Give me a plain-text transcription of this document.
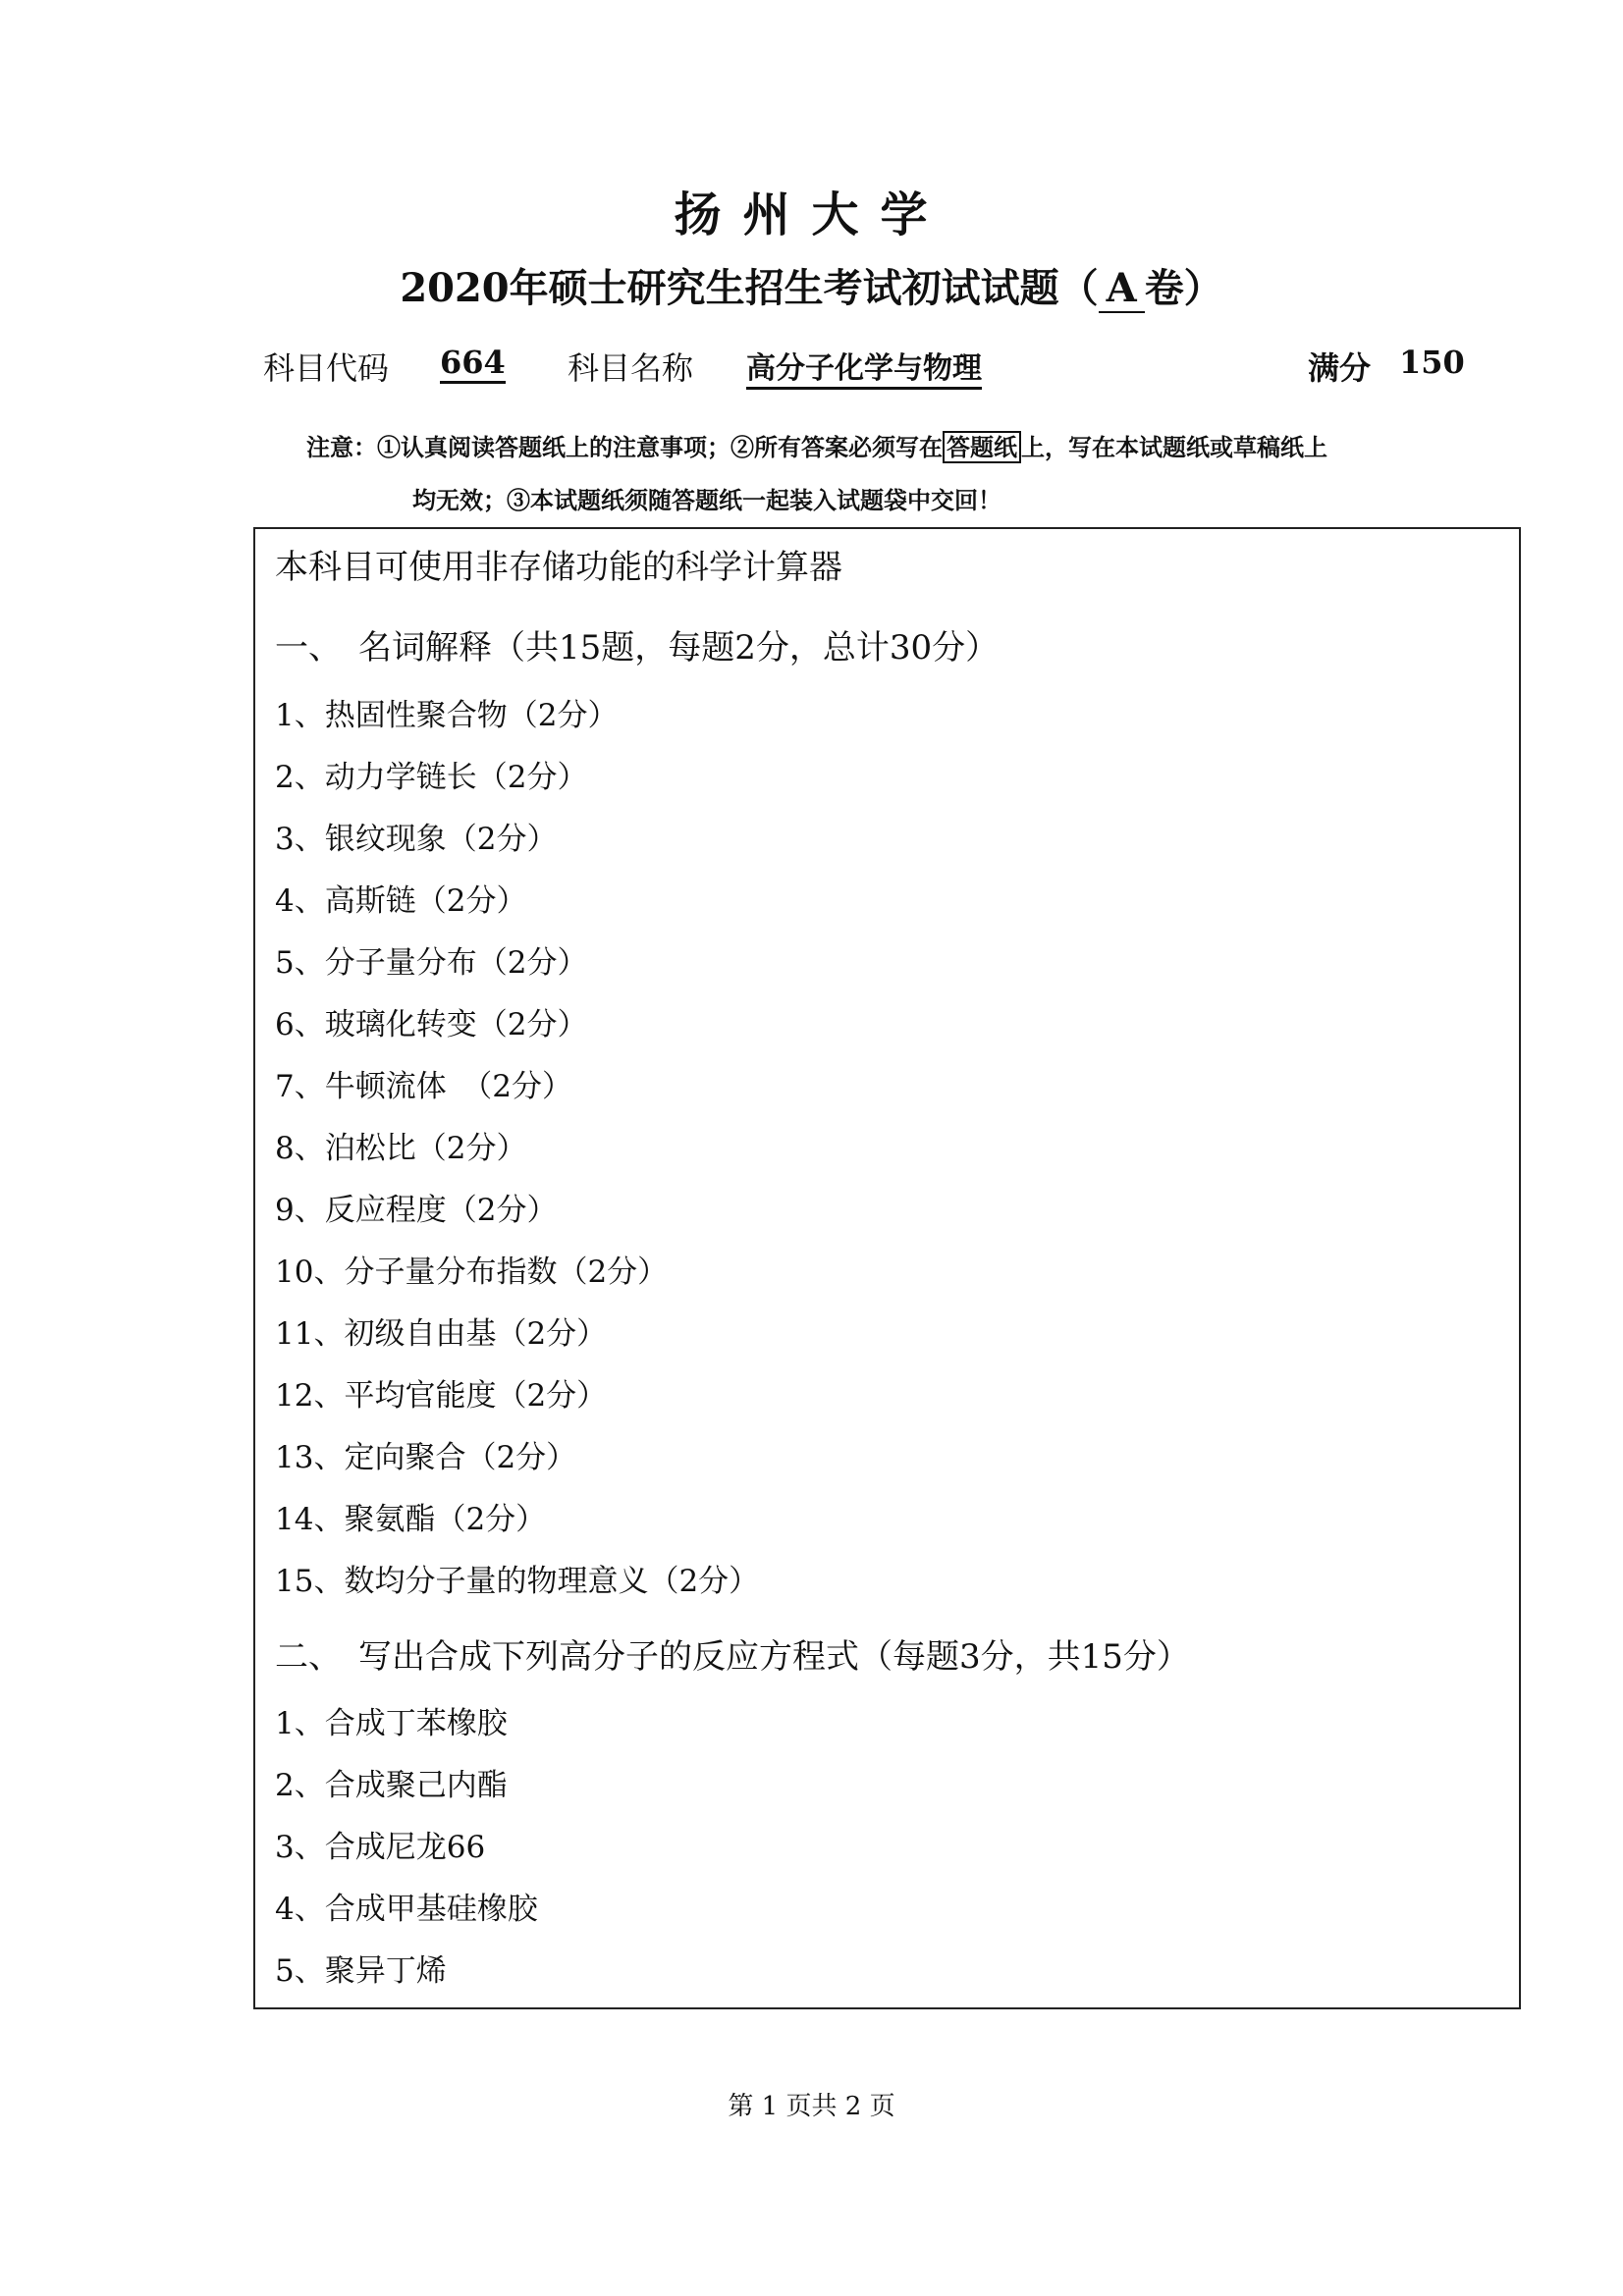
扬州大学
2020年硕士研究生招生考试初试试题（ A 卷）
科目代码 664 科目名称 高分子化学与物理	满分 150
注意：①认真阅读答题纸上的注意事项；②所有答案必须写在 答题纸 上，写在本试题纸或草稿纸上
均无效；③本试题纸须随答题纸一起装入试题袋中交回！
本科目可使用非存储功能的科学计算器
一、　名词解释（共15题，每题2分，总计30分）
二、　写出合成下列高分子的反应方程式（每题3分，共15分）
第 1 页共 2 页
1、热固性聚合物（2分）
2、动力学链长（2分）
3、银纹现象（2分）
4、高斯链（2分）
5、分子量分布（2分）
6、玻璃化转变（2分）
7、牛顿流体　（2分）
8、泊松比（2分）
9、反应程度（2分）
10、分子量分布指数（2分）
11、初级自由基（2分）
12、平均官能度（2分）
13、定向聚合（2分）
14、聚氨酯（2分）
15、数均分子量的物理意义（2分）
1、合成丁苯橡胶
2、合成聚己内酯
3、合成尼龙66
4、合成甲基硅橡胶
5、聚异丁烯
